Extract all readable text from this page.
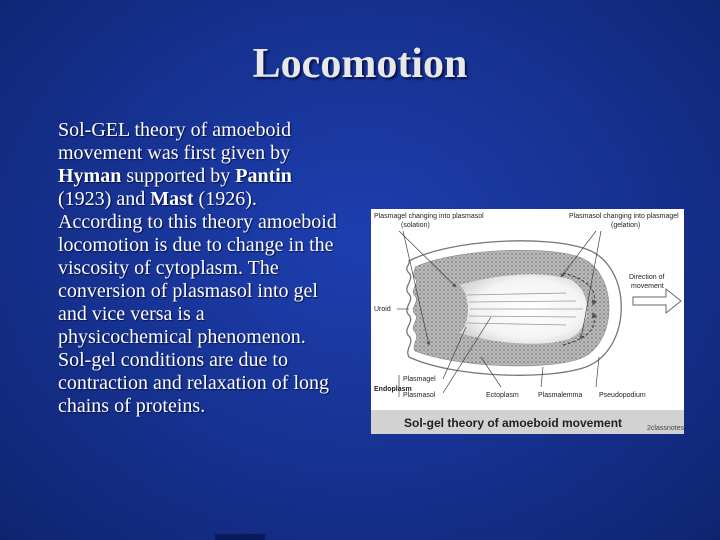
Locomotion
Sol-GEL theory of amoeboid movement was first given by Hyman supported by Pantin (1923) and Mast (1926). According to this theory amoeboid locomotion is due to change in the viscosity of cytoplasm. The conversion of plasmasol into gel and vice versa is a physicochemical phenomenon. Sol-gel conditions are due to contraction and relaxation of long chains of proteins.
Plasmagel changing into plasmasol
(solation)
Plasmasol changing into plasmagel
(gelation)
Direction of
movement
Uroid
Plasmagel
Plasmasol	Ectoplasm	Plasmalemma Pseudopodium
Endoplasm
Sol-gel theory of amoeboid movement	2classnotes
